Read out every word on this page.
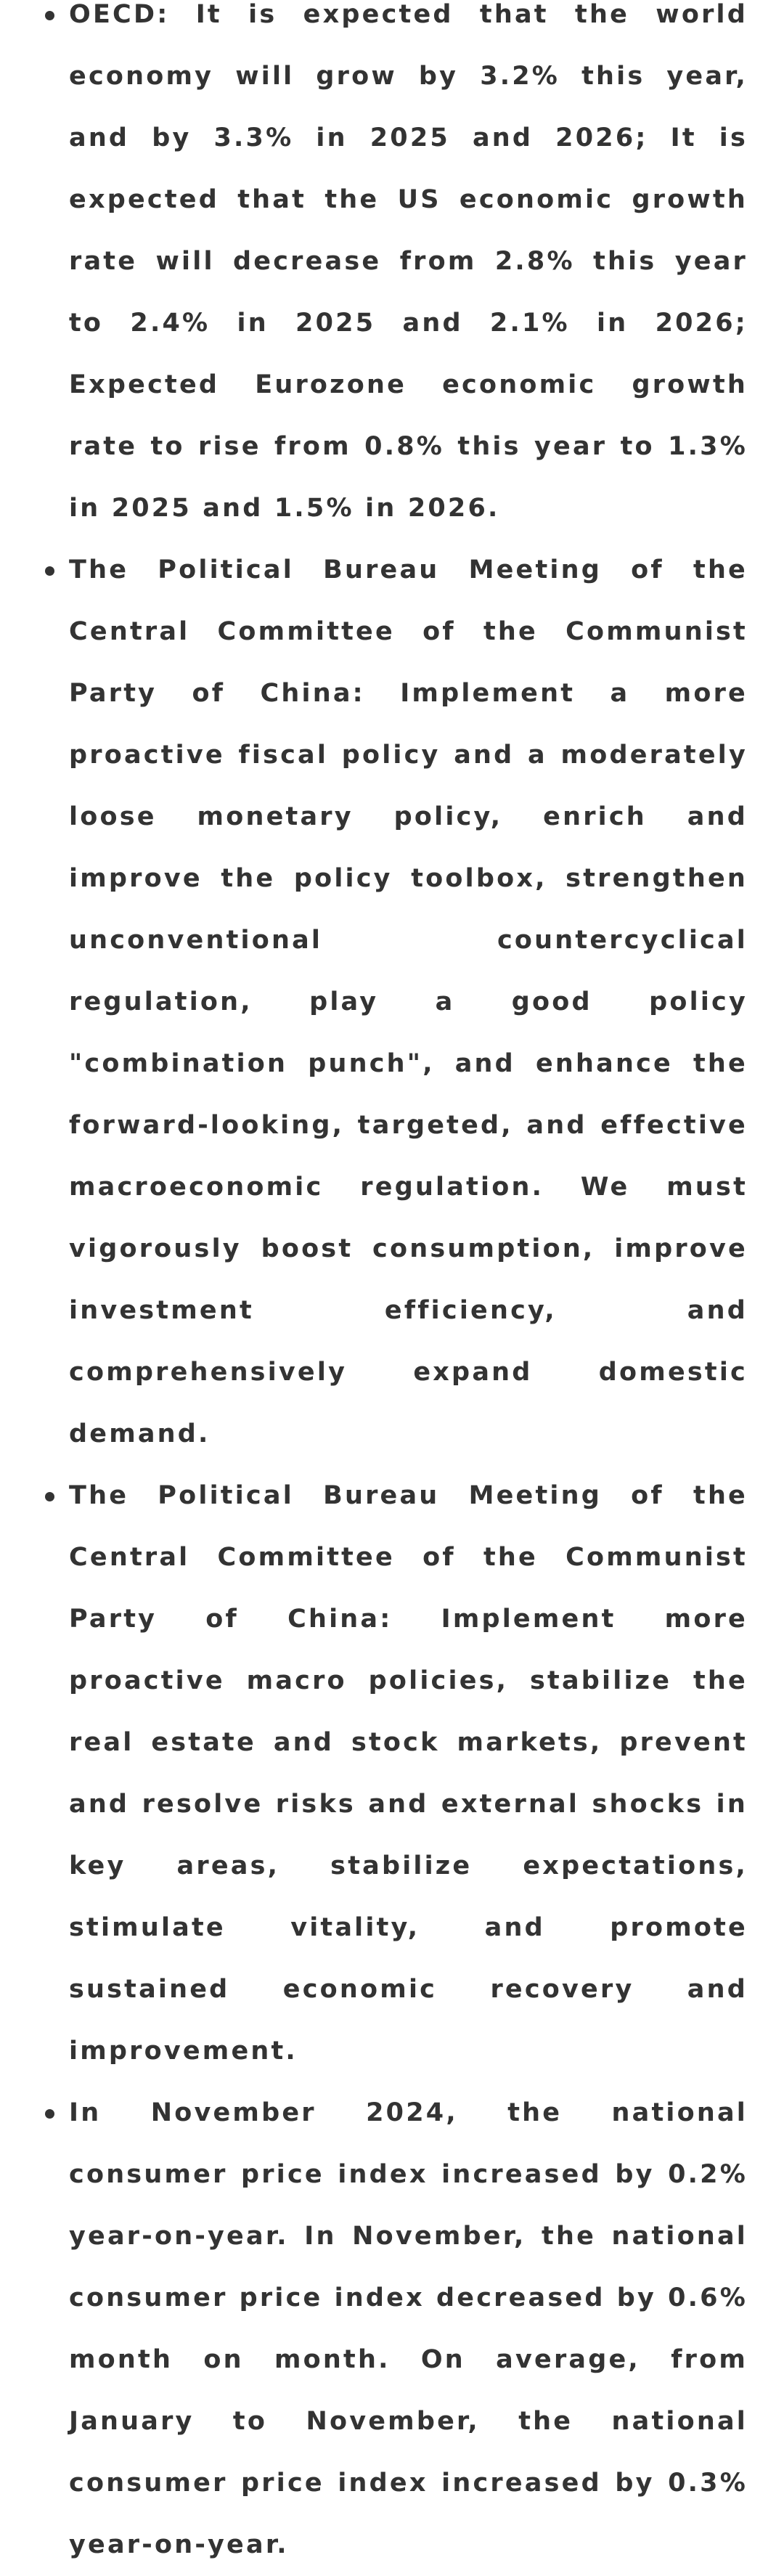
OECD: It is expected that the world economy will grow by 3.2% this year, and by 3.3% in 2025 and 2026; It is expected that the US economic growth rate will decrease from 2.8% this year to 2.4% in 2025 and 2.1% in 2026; Expected Eurozone economic growth rate to rise from 0.8% this year to 1.3% in 2025 and 1.5% in 2026.
The Political Bureau Meeting of the Central Committee of the Communist Party of China: Implement a more proactive fiscal policy and a moderately loose monetary policy, enrich and improve the policy toolbox, strengthen unconventional countercyclical regulation, play a good policy "combination punch", and enhance the forward-looking, targeted, and effective macroeconomic regulation. We must vigorously boost consumption, improve investment efficiency, and comprehensively expand domestic demand.
The Political Bureau Meeting of the Central Committee of the Communist Party of China: Implement more proactive macro policies, stabilize the real estate and stock markets, prevent and resolve risks and external shocks in key areas, stabilize expectations, stimulate vitality, and promote sustained economic recovery and improvement.
In November 2024, the national consumer price index increased by 0.2% year-on-year. In November, the national consumer price index decreased by 0.6% month on month. On average, from January to November, the national consumer price index increased by 0.3% year-on-year.
